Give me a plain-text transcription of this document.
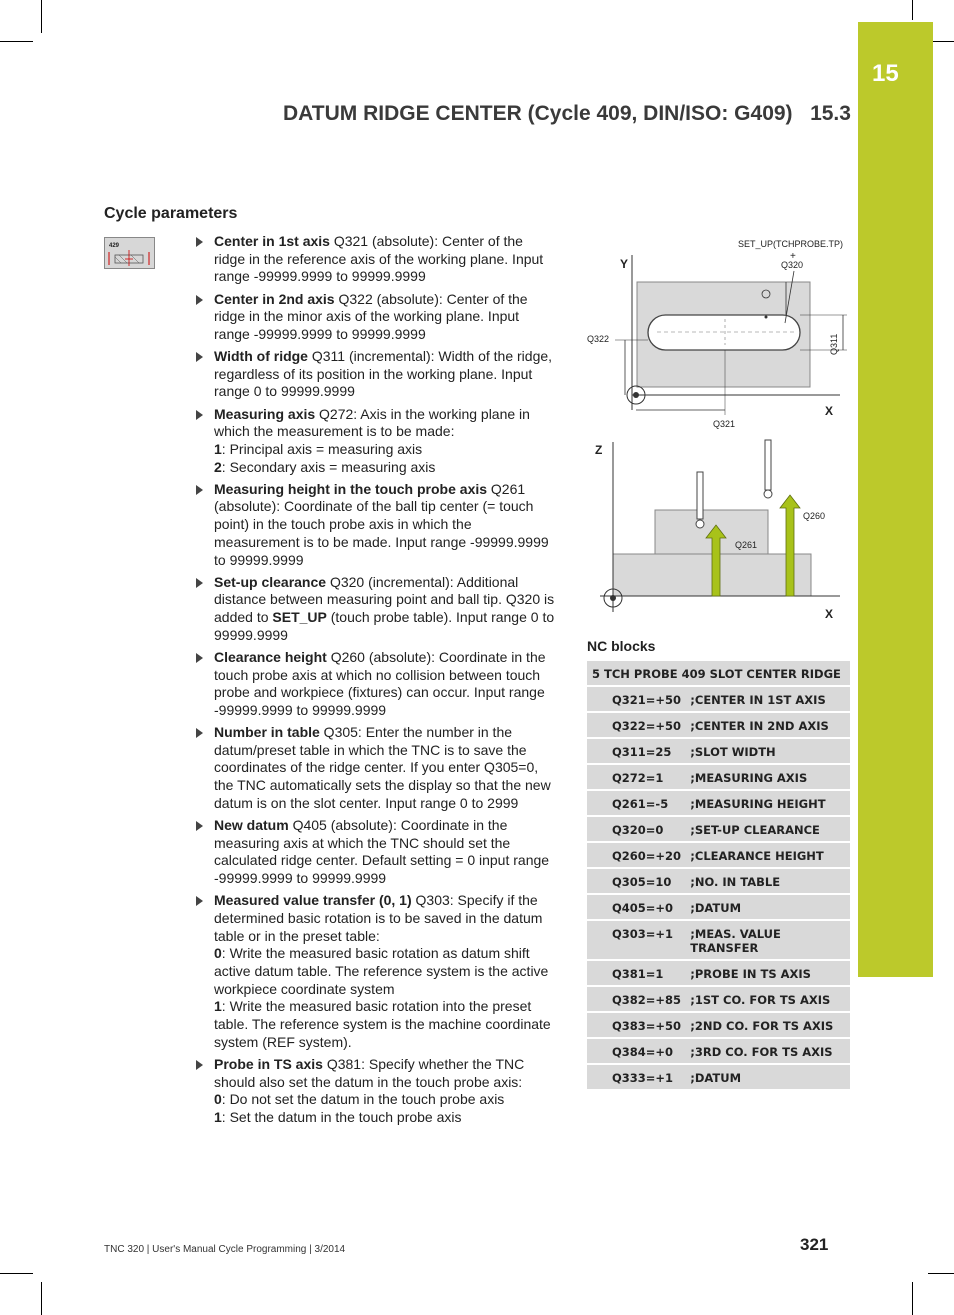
15
DATUM RIDGE CENTER (Cycle 409, DIN/ISO: G409) 15.3
Cycle parameters
429	Center in 1st axis Q321 (absolute): Center of the ridge in the reference axis of the working plane. Input range -99999.9999 to 99999.9999
Center in 2nd axis Q322 (absolute): Center of the ridge in the minor axis of the working plane. Input range -99999.9999 to 99999.9999
Width of ridge Q311 (incremental): Width of the ridge, regardless of its position in the working plane. Input range 0 to 99999.9999
Measuring axis Q272: Axis in the working plane in which the measurement is to be made:
1: Principal axis = measuring axis
2: Secondary axis = measuring axis
Measuring height in the touch probe axis Q261 (absolute): Coordinate of the ball tip center (= touch point) in the touch probe axis in which the measurement is to be made. Input range -99999.9999 to 99999.9999
Set-up clearance Q320 (incremental): Additional distance between measuring point and ball tip. Q320 is added to SET_UP (touch probe table). Input range 0 to 99999.9999
Clearance height Q260 (absolute): Coordinate in the touch probe axis at which no collision between touch probe and workpiece (fixtures) can occur. Input range -99999.9999 to 99999.9999
Number in table Q305: Enter the number in the datum/preset table in which the TNC is to save the coordinates of the ridge center. If you enter Q305=0, the TNC automatically sets the display so that the new datum is on the slot center. Input range 0 to 2999
New datum Q405 (absolute): Coordinate in the measuring axis at which the TNC should set the calculated ridge center. Default setting = 0 input range -99999.9999 to 99999.9999
Measured value transfer (0, 1) Q303: Specify if the determined basic rotation is to be saved in the datum table or in the preset table:
0: Write the measured basic rotation as datum shift active datum table. The reference system is the active workpiece coordinate system
1: Write the measured basic rotation into the preset table. The reference system is the machine coordinate system (REF system).
Probe in TS axis Q381: Specify whether the TNC should also set the datum in the touch probe axis:
0: Do not set the datum in the touch probe axis
1: Set the datum in the touch probe axis
Y
X
SET_UP(TCHPROBE.TP)
+
Q320
Q311
Q322
Q321
Z
X
Q260
Q261
NC blocks
5 TCH PROBE 409 SLOT CENTER RIDGE	
Q321=+50	;CENTER IN 1ST AXIS
Q322=+50	;CENTER IN 2ND AXIS
Q311=25	;SLOT WIDTH
Q272=1	;MEASURING AXIS
Q261=-5	;MEASURING HEIGHT
Q320=0	;SET-UP CLEARANCE
Q260=+20	;CLEARANCE HEIGHT
Q305=10	;NO. IN TABLE
Q405=+0	;DATUM
Q303=+1	;MEAS. VALUE TRANSFER
Q381=1	;PROBE IN TS AXIS
Q382=+85	;1ST CO. FOR TS AXIS
Q383=+50	;2ND CO. FOR TS AXIS
Q384=+0	;3RD CO. FOR TS AXIS
Q333=+1	;DATUM
TNC 320 | User's Manual Cycle Programming | 3/2014	321
